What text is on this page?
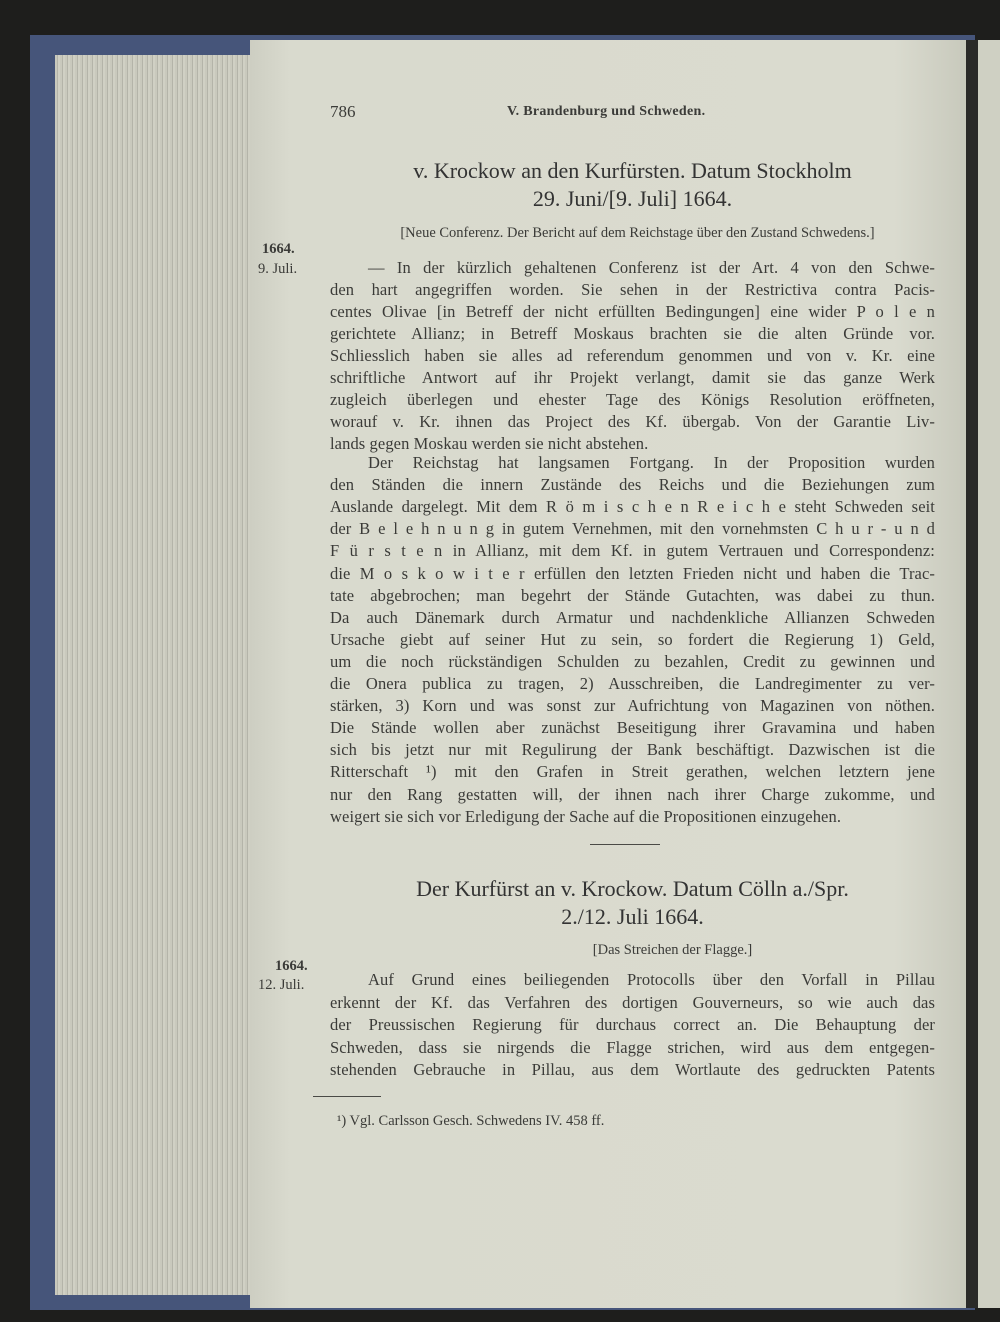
786	V. Brandenburg und Schweden.
v. Krockow an den Kurfürsten. Datum Stockholm
29. Juni/[9. Juli] 1664.
[Neue Conferenz. Der Bericht auf dem Reichstage über den Zustand Schwedens.]
1664.
9. Juli.	— In der kürzlich gehaltenen Conferenz ist der Art. 4 von den Schwe-
den hart angegriffen worden. Sie sehen in der Restrictiva contra Pacis-
centes Olivae [in Betreff der nicht erfüllten Bedingungen] eine wider P o l e n
gerichtete Allianz; in Betreff Moskaus brachten sie die alten Gründe vor.
Schliesslich haben sie alles ad referendum genommen und von v. Kr. eine
schriftliche Antwort auf ihr Projekt verlangt, damit sie das ganze Werk
zugleich überlegen und ehester Tage des Königs Resolution eröffneten,
worauf v. Kr. ihnen das Project des Kf. übergab. Von der Garantie Liv-
lands gegen Moskau werden sie nicht abstehen.
Der Reichstag hat langsamen Fortgang. In der Proposition wurden
den Ständen die innern Zustände des Reichs und die Beziehungen zum
Auslande dargelegt. Mit dem R ö m i s c h e n R e i c h e steht Schweden seit
der B e l e h n u n g in gutem Vernehmen, mit den vornehmsten C h u r - u n d
F ü r s t e n in Allianz, mit dem Kf. in gutem Vertrauen und Correspondenz:
die M o s k o w i t e r erfüllen den letzten Frieden nicht und haben die Trac-
tate abgebrochen; man begehrt der Stände Gutachten, was dabei zu thun.
Da auch Dänemark durch Armatur und nachdenkliche Allianzen Schweden
Ursache giebt auf seiner Hut zu sein, so fordert die Regierung 1) Geld,
um die noch rückständigen Schulden zu bezahlen, Credit zu gewinnen und
die Onera publica zu tragen, 2) Ausschreiben, die Landregimenter zu ver-
stärken, 3) Korn und was sonst zur Aufrichtung von Magazinen von nöthen.
Die Stände wollen aber zunächst Beseitigung ihrer Gravamina und haben
sich bis jetzt nur mit Regulirung der Bank beschäftigt. Dazwischen ist die
Ritterschaft ¹) mit den Grafen in Streit gerathen, welchen letztern jene
nur den Rang gestatten will, der ihnen nach ihrer Charge zukomme, und
weigert sie sich vor Erledigung der Sache auf die Propositionen einzugehen.
Der Kurfürst an v. Krockow. Datum Cölln a./Spr.
2./12. Juli 1664.
[Das Streichen der Flagge.]
1664.
12. Juli.	Auf Grund eines beiliegenden Protocolls über den Vorfall in Pillau
erkennt der Kf. das Verfahren des dortigen Gouverneurs, so wie auch das
der Preussischen Regierung für durchaus correct an. Die Behauptung der
Schweden, dass sie nirgends die Flagge strichen, wird aus dem entgegen-
stehenden Gebrauche in Pillau, aus dem Wortlaute des gedruckten Patents
¹) Vgl. Carlsson Gesch. Schwedens IV. 458 ff.
